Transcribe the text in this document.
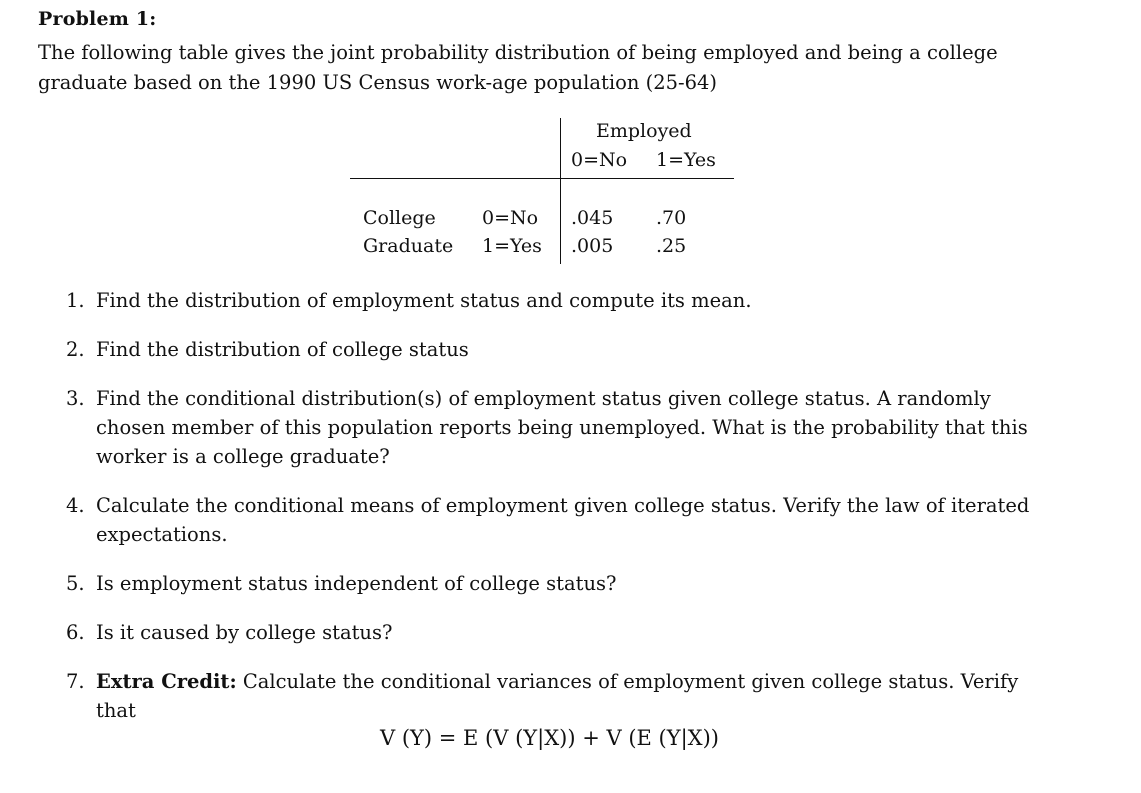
Problem 1:
The following table gives the joint probability distribution of being employed and being a college graduate based on the 1990 US Census work-age population (25-64)
Employed
0=No 1=Yes
College
Graduate
0=No
1=Yes
.045 .70
.005 .25
1. Find the distribution of employment status and compute its mean.
2. Find the distribution of college status
3. Find the conditional distribution(s) of employment status given college status. A randomly chosen member of this population reports being unemployed. What is the probability that this worker is a college graduate?
4. Calculate the conditional means of employment given college status. Verify the law of iterated expectations.
5. Is employment status independent of college status?
6. Is it caused by college status?
7. Extra Credit: Calculate the conditional variances of employment given college status. Verify that
V (Y) = E (V (Y|X)) + V (E (Y|X))
